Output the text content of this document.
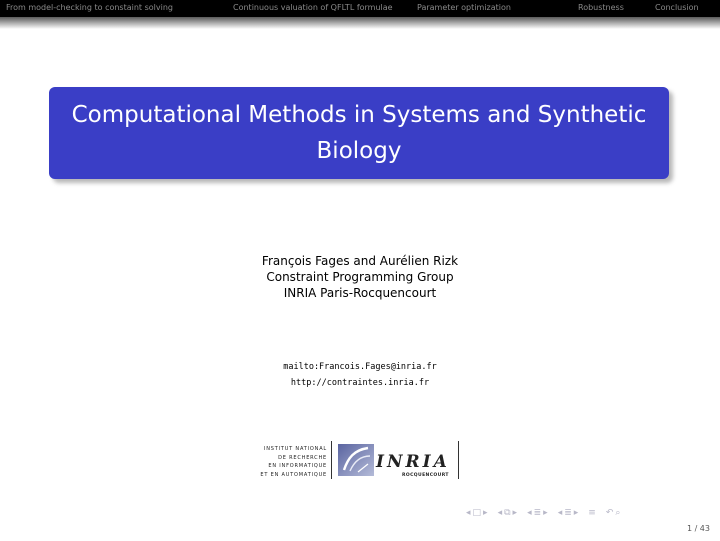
From model-checking to constaint solving	Continuous valuation of QFLTL formulae	Parameter optimization	Robustness	Conclusion
Computational Methods in Systems and Synthetic Biology
François Fages and Aurélien Rizk
Constraint Programming Group
INRIA Paris-Rocquencourt
mailto:Francois.Fages@inria.fr
http://contraintes.inria.fr
INSTITUT NATIONAL
DE RECHERCHE
EN INFORMATIQUE
ET EN AUTOMATIQUE
INRIA
ROCQUENCOURT
◂ □ ▸ ◂ ⧉ ▸ ◂ ≣ ▸ ◂ ≣ ▸ ≡ ↶ ⌕
1 / 43
